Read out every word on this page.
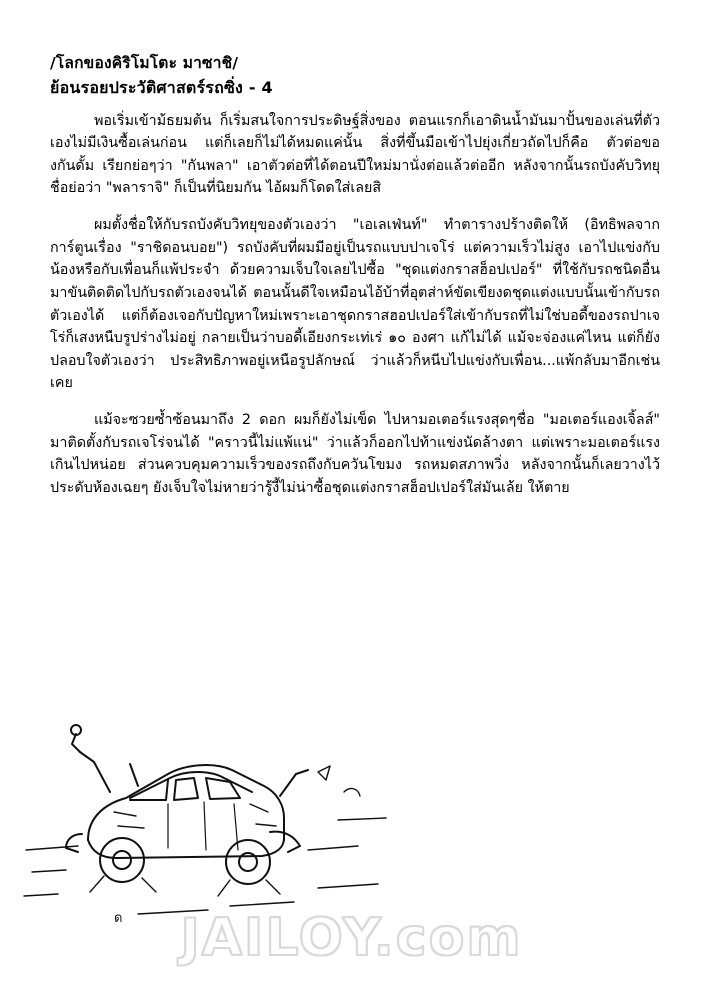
/โลกของคิริโมโตะ มาซาชิ/
ย้อนรอยประวัติศาสตร์รถซิ่ง - 4

พอเริ่มเข้าม้ธยมต้น ก็เริ่มสนใจการประดิษฐ์สิ่งของ ตอนแรกก็เอาดินน้ำมันมาปั้นของเล่นที่ตัวเองไม่มีเงินซื้อเล่นก่อน แต่ก็เลยก็ไม่ได้หมดแค่นั้น สิ่งที่ขึ้นมือเข้าไปยุ่งเกี่ยวถัดไปก็คือ ตัวต่อของกันดั้ม เรียกย่อๆว่า "กันพลา" เอาตัวต่อที่ได้ตอนปีใหม่มานั่งต่อแล้วต่ออีก หลังจากนั้นรถบังคับวิทยุ ชื่อย่อว่า "พลาราจิ" ก็เป็นที่นิยมกัน ไอ้ผมก็โดดใส่เลยสิ

ผมตั้งชื่อให้กับรถบังคับวิทยุของตัวเองว่า "เอเลเฟ่นท์" ทำตารางปร้างติดให้ (อิทธิพลจากการ์ตูนเรื่อง "ราชิดอนบอย") รถบังคับที่ผมมีอยู่เป็นรถแบบปาเจโร่ แต่ความเร็วไม่สูง เอาไปแข่งกับน้องหรือกับเพื่อนก็แพ้ประจำ ด้วยความเจ็บใจเลยไปซื้อ "ชุดแต่งกราสฮ็อปเปอร์" ที่ใช้กับรถชนิดอื่นมาขันติดติดไปกับรถตัวเองจนได้ ตอนนั้นดีใจเหมือนไอ้บ้าที่อุตส่าห์ขัดเขียงดชุดแต่งแบบนั้นเข้ากับรถตัวเองได้ แต่ก็ต้องเจอกับปัญหาใหม่เพราะเอาชุดกราสฮอปเปอร์ใส่เข้ากับรถที่ไม่ใช่บอดี้ของรถปาเจโร่ก็เสงหนืบรูปร่างไม่อยู่ กลายเป็นว่าบอดี้เอียงกระเท่เร่ ๑๐ องศา แก้ไม่ได้ แม้จะจ่องแค่ไหน แต่ก็ยังปลอบใจตัวเองว่า ประสิทธิภาพอยู่เหนือรูปลักษณ์ ว่าแล้วก็หนีบไปแข่งกับเพื่อน...แพ้กลับมาอีกเช่นเคย

แม้จะซวยซ้ำซ้อนมาถึง 2 ดอก ผมก็ยังไม่เข็ด ไปหามอเตอร์แรงสุดๆชื่อ "มอเตอร์แองเจิ้ลส์" มาติดตั้งกับรถเจโร่จนได้ "คราวนี้ไม่แพ้แน่" ว่าแล้วก็ออกไปท้าแข่งนัดล้างตา แต่เพราะมอเตอร์แรงเกินไปหน่อย ส่วนควบคุมความเร็วของรถถึงกับควันโขมง รถหมดสภาพวิ่ง หลังจากนั้นก็เลยวางไว้ประดับห้องเฉยๆ ยังเจ็บใจไม่หายว่ารู้งี้ไม่น่าซื้อชุดแต่งกราสฮ็อปเปอร์ใส่มันเล้ย ให้ตาย

ด	JAILOY.com
